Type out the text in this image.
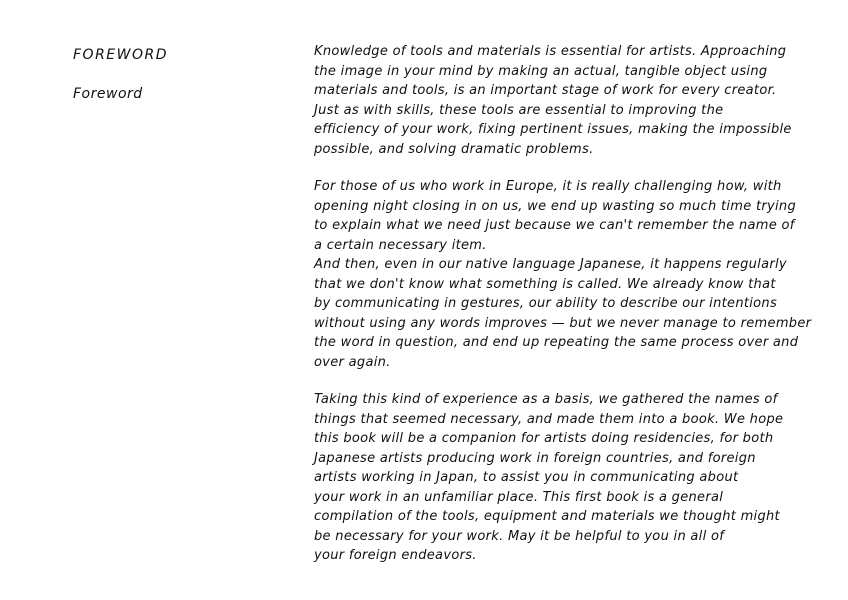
FOREWORD
Foreword
Knowledge of tools and materials is essential for artists. Approaching
the image in your mind by making an actual, tangible object using
materials and tools, is an important stage of work for every creator.
Just as with skills, these tools are essential to improving the
efficiency of your work, fixing pertinent issues, making the impossible
possible, and solving dramatic problems.
For those of us who work in Europe, it is really challenging how, with
opening night closing in on us, we end up wasting so much time trying
to explain what we need just because we can't remember the name of
a certain necessary item.
And then, even in our native language Japanese, it happens regularly
that we don't know what something is called. We already know that
by communicating in gestures, our ability to describe our intentions
without using any words improves — but we never manage to remember
the word in question, and end up repeating the same process over and
over again.
Taking this kind of experience as a basis, we gathered the names of
things that seemed necessary, and made them into a book. We hope
this book will be a companion for artists doing residencies, for both
Japanese artists producing work in foreign countries, and foreign
artists working in Japan, to assist you in communicating about
your work in an unfamiliar place. This first book is a general
compilation of the tools, equipment and materials we thought might
be necessary for your work. May it be helpful to you in all of
your foreign endeavors.
